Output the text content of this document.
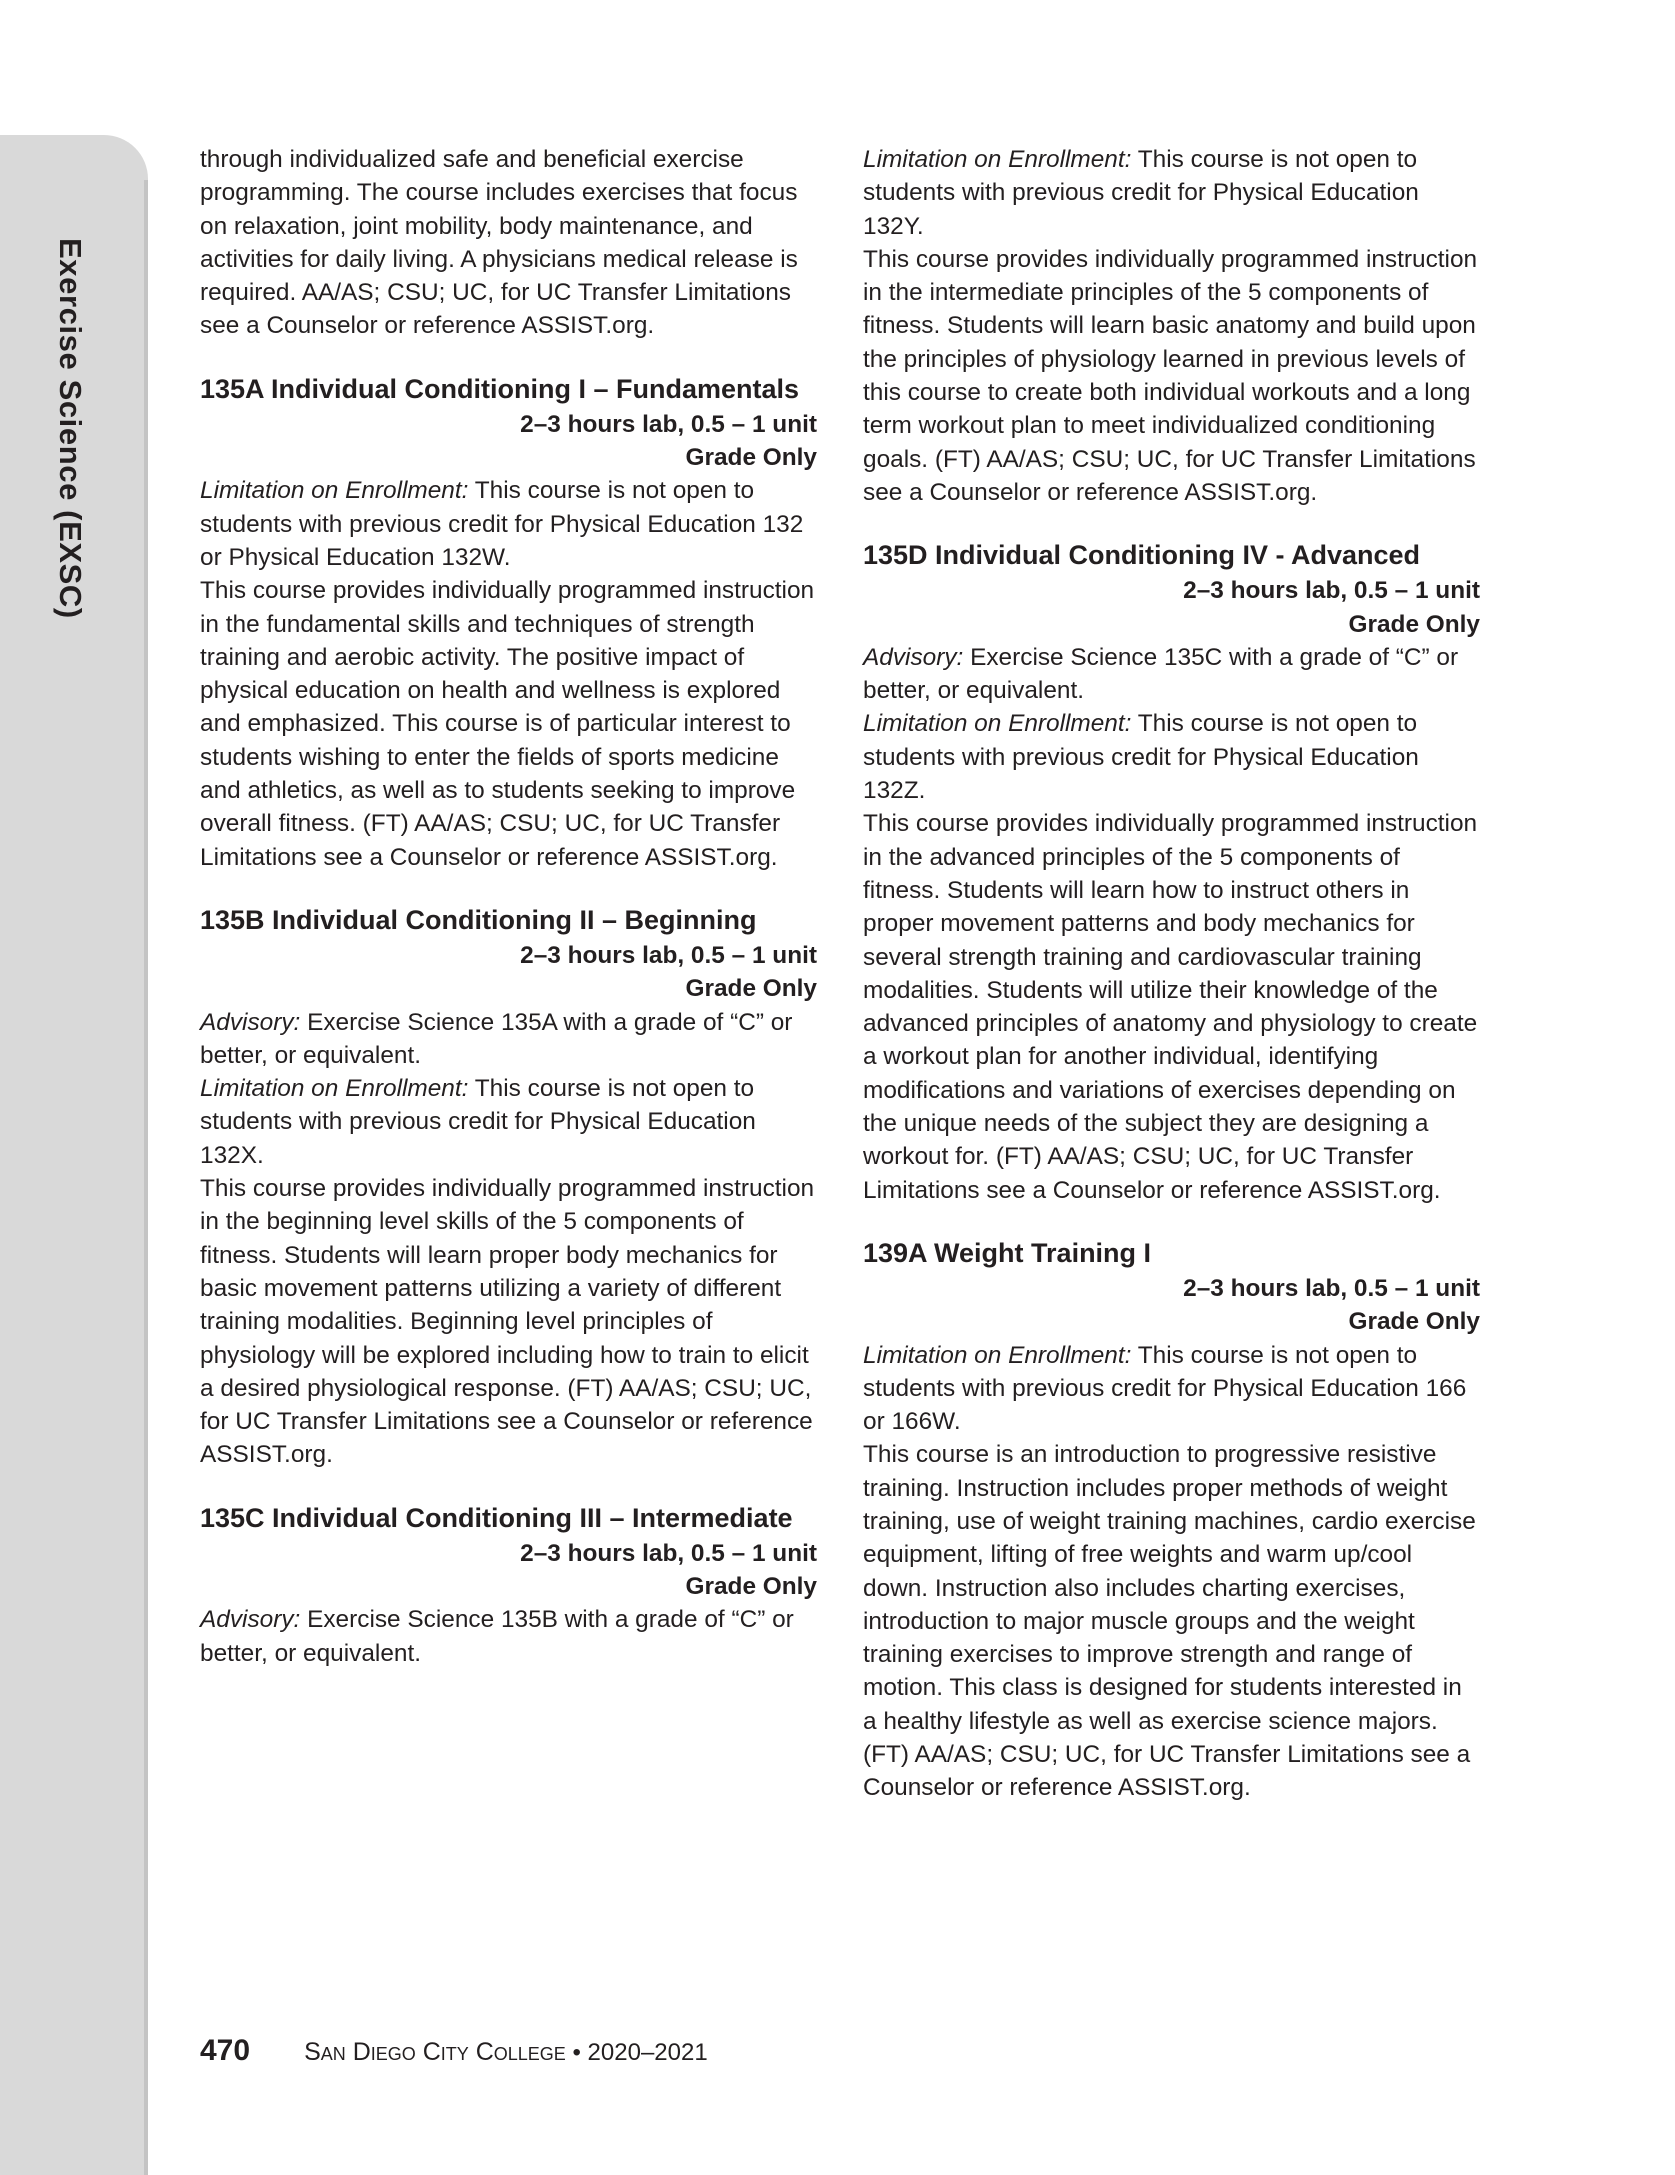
Exercise Science (EXSC)

through individualized safe and beneficial exercise programming. The course includes exercises that focus on relaxation, joint mobility, body maintenance, and activities for daily living. A physicians medical release is required. AA/AS; CSU; UC, for UC Transfer Limitations see a Counselor or reference ASSIST.org.

135A Individual Conditioning I – Fundamentals

2–3 hours lab, 0.5 – 1 unit

Grade Only

Limitation on Enrollment: This course is not open to students with previous credit for Physical Education 132 or Physical Education 132W.

This course provides individually programmed instruction in the fundamental skills and techniques of strength training and aerobic activity. The positive impact of physical education on health and wellness is explored and emphasized. This course is of particular interest to students wishing to enter the fields of sports medicine and athletics, as well as to students seeking to improve overall fitness. (FT) AA/AS; CSU; UC, for UC Transfer Limitations see a Counselor or reference ASSIST.org.

135B Individual Conditioning II – Beginning

2–3 hours lab, 0.5 – 1 unit

Grade Only

Advisory: Exercise Science 135A with a grade of “C” or better, or equivalent.

Limitation on Enrollment: This course is not open to students with previous credit for Physical Education 132X.

This course provides individually programmed instruction in the beginning level skills of the 5 components of fitness. Students will learn proper body mechanics for basic movement patterns utilizing a variety of different training modalities. Beginning level principles of physiology will be explored including how to train to elicit a desired physiological response. (FT) AA/AS; CSU; UC, for UC Transfer Limitations see a Counselor or reference ASSIST.org.

135C Individual Conditioning III – Intermediate

2–3 hours lab, 0.5 – 1 unit

Grade Only

Advisory: Exercise Science 135B with a grade of “C” or better, or equivalent.

Limitation on Enrollment: This course is not open to students with previous credit for Physical Education 132Y.

This course provides individually programmed instruction in the intermediate principles of the 5 components of fitness. Students will learn basic anatomy and build upon the principles of physiology learned in previous levels of this course to create both individual workouts and a long term workout plan to meet individualized conditioning goals. (FT) AA/AS; CSU; UC, for UC Transfer Limitations see a Counselor or reference ASSIST.org.

135D Individual Conditioning IV - Advanced

2–3 hours lab, 0.5 – 1 unit

Grade Only

Advisory: Exercise Science 135C with a grade of “C” or better, or equivalent.

Limitation on Enrollment: This course is not open to students with previous credit for Physical Education 132Z.

This course provides individually programmed instruction in the advanced principles of the 5 components of fitness. Students will learn how to instruct others in proper movement patterns and body mechanics for several strength training and cardiovascular training modalities. Students will utilize their knowledge of the advanced principles of anatomy and physiology to create a workout plan for another individual, identifying modifications and variations of exercises depending on the unique needs of the subject they are designing a workout for. (FT) AA/AS; CSU; UC, for UC Transfer Limitations see a Counselor or reference ASSIST.org.

139A Weight Training I

2–3 hours lab, 0.5 – 1 unit

Grade Only

Limitation on Enrollment: This course is not open to students with previous credit for Physical Education 166 or 166W.

This course is an introduction to progressive resistive training. Instruction includes proper methods of weight training, use of weight training machines, cardio exercise equipment, lifting of free weights and warm up/cool down. Instruction also includes charting exercises, introduction to major muscle groups and the weight training exercises to improve strength and range of motion. This class is designed for students interested in a healthy lifestyle as well as exercise science majors. (FT) AA/AS; CSU; UC, for UC Transfer Limitations see a Counselor or reference ASSIST.org.

470 San Diego City College • 2020–2021
